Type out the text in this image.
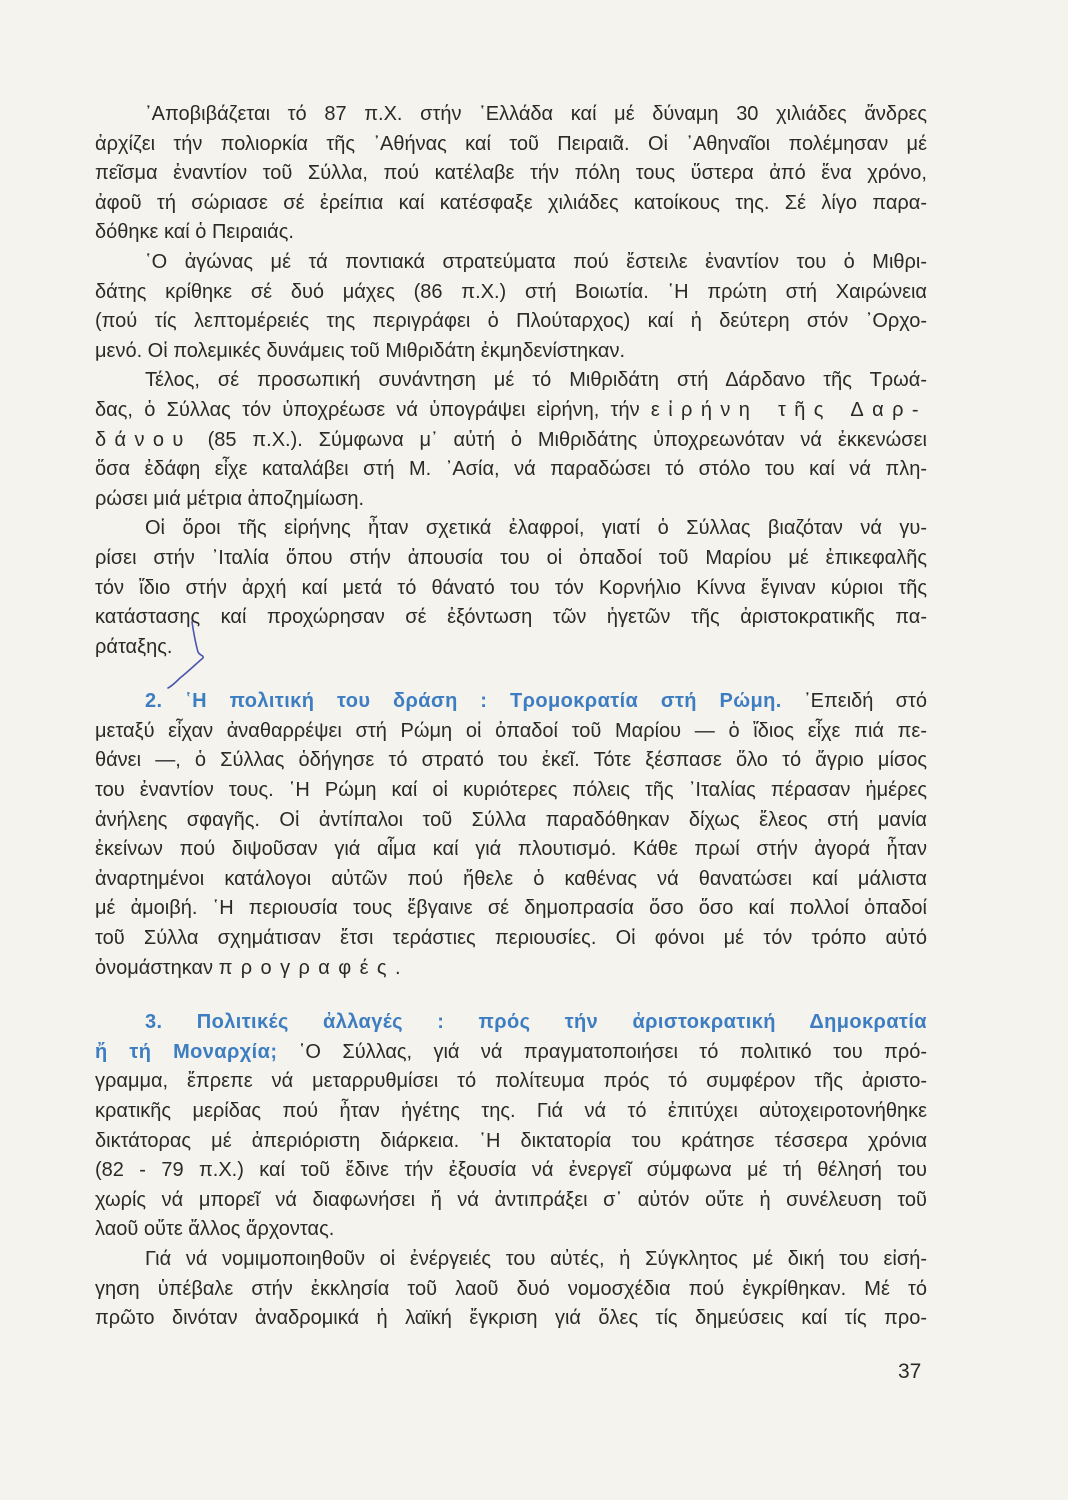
᾿Αποβιβάζεται τό 87 π.Χ. στήν ῾Ελλάδα καί μέ δύναμη 30 χιλιάδες ἄνδρες
ἀρχίζει τήν πολιορκία τῆς ᾿Αθήνας καί τοῦ Πειραιᾶ. Οἱ ᾿Αθηναῖοι πολέμησαν μέ
πεῖσμα ἐναντίον τοῦ Σύλλα, πού κατέλαβε τήν πόλη τους ὕστερα ἀπό ἕνα χρόνο,
ἀφοῦ τή σώριασε σέ ἐρείπια καί κατέσφαξε χιλιάδες κατοίκους της. Σέ λίγο παρα-
δόθηκε καί ὁ Πειραιάς.
῾Ο ἀγώνας μέ τά ποντιακά στρατεύματα πού ἔστειλε ἐναντίον του ὁ Μιθρι-
δάτης κρίθηκε σέ δυό μάχες (86 π.Χ.) στή Βοιωτία. ῾Η πρώτη στή Χαιρώνεια
(πού τίς λεπτομέρειές της περιγράφει ὁ Πλούταρχος) καί ἡ δεύτερη στόν ᾿Ορχο-
μενό. Οἱ πολεμικές δυνάμεις τοῦ Μιθριδάτη ἐκμηδενίστηκαν.
Τέλος, σέ προσωπική συνάντηση μέ τό Μιθριδάτη στή Δάρδανο τῆς Τρωά-
δας, ὁ Σύλλας τόν ὑποχρέωσε νά ὑπογράψει εἰρήνη, τήν εἰρήνη τῆς Δαρ-
δάνου (85 π.Χ.). Σύμφωνα μ᾿ αὐτή ὁ Μιθριδάτης ὑποχρεωνόταν νά ἐκκενώσει
ὅσα ἐδάφη εἶχε καταλάβει στή Μ. ᾿Ασία, νά παραδώσει τό στόλο του καί νά πλη-
ρώσει μιά μέτρια ἀποζημίωση.
Οἱ ὅροι τῆς εἰρήνης ἦταν σχετικά ἐλαφροί, γιατί ὁ Σύλλας βιαζόταν νά γυ-
ρίσει στήν ᾿Ιταλία ὅπου στήν ἀπουσία του οἱ ὀπαδοί τοῦ Μαρίου μέ ἐπικεφαλῆς
τόν ἴδιο στήν ἀρχή καί μετά τό θάνατό του τόν Κορνήλιο Κίννα ἔγιναν κύριοι τῆς
κατάστασης καί προχώρησαν σέ ἐξόντωση τῶν ἡγετῶν τῆς ἀριστοκρατικῆς πα-
ράταξης.
2. ῾Η πολιτική του δράση : Τρομοκρατία στή Ρώμη. ᾿Επειδή στό
μεταξύ εἶχαν ἀναθαρρέψει στή Ρώμη οἱ ὀπαδοί τοῦ Μαρίου — ὁ ἴδιος εἶχε πιά πε-
θάνει —, ὁ Σύλλας ὁδήγησε τό στρατό του ἐκεῖ. Τότε ξέσπασε ὅλο τό ἄγριο μίσος
του ἐναντίον τους. ῾Η Ρώμη καί οἱ κυριότερες πόλεις τῆς ᾿Ιταλίας πέρασαν ἡμέρες
ἀνήλεης σφαγῆς. Οἱ ἀντίπαλοι τοῦ Σύλλα παραδόθηκαν δίχως ἔλεος στή μανία
ἐκείνων πού διψοῦσαν γιά αἷμα καί γιά πλουτισμό. Κάθε πρωί στήν ἀγορά ἦταν
ἀναρτημένοι κατάλογοι αὐτῶν πού ἤθελε ὁ καθένας νά θανατώσει καί μάλιστα
μέ ἀμοιβή. ῾Η περιουσία τους ἔβγαινε σέ δημοπρασία ὅσο ὅσο καί πολλοί ὀπαδοί
τοῦ Σύλλα σχημάτισαν ἔτσι τεράστιες περιουσίες. Οἱ φόνοι μέ τόν τρόπο αὐτό
ὀνομάστηκαν προγραφές.
3. Πολιτικές ἀλλαγές : πρός τήν ἀριστοκρατική Δημοκρατία
ἤ τή Μοναρχία; ῾Ο Σύλλας, γιά νά πραγματοποιήσει τό πολιτικό του πρό-
γραμμα, ἔπρεπε νά μεταρρυθμίσει τό πολίτευμα πρός τό συμφέρον τῆς ἀριστο-
κρατικῆς μερίδας πού ἦταν ἡγέτης της. Γιά νά τό ἐπιτύχει αὐτοχειροτονήθηκε
δικτάτορας μέ ἀπεριόριστη διάρκεια. ῾Η δικτατορία του κράτησε τέσσερα χρόνια
(82 - 79 π.Χ.) καί τοῦ ἔδινε τήν ἐξουσία νά ἐνεργεῖ σύμφωνα μέ τή θέλησή του
χωρίς νά μπορεῖ νά διαφωνήσει ἤ νά ἀντιπράξει σ᾿ αὐτόν οὔτε ἡ συνέλευση τοῦ
λαοῦ οὔτε ἄλλος ἄρχοντας.
Γιά νά νομιμοποιηθοῦν οἱ ἐνέργειές του αὐτές, ἡ Σύγκλητος μέ δική του εἰσή-
γηση ὑπέβαλε στήν ἐκκλησία τοῦ λαοῦ δυό νομοσχέδια πού ἐγκρίθηκαν. Μέ τό
πρῶτο δινόταν ἀναδρομικά ἡ λαϊκή ἔγκριση γιά ὅλες τίς δημεύσεις καί τίς προ-
37
